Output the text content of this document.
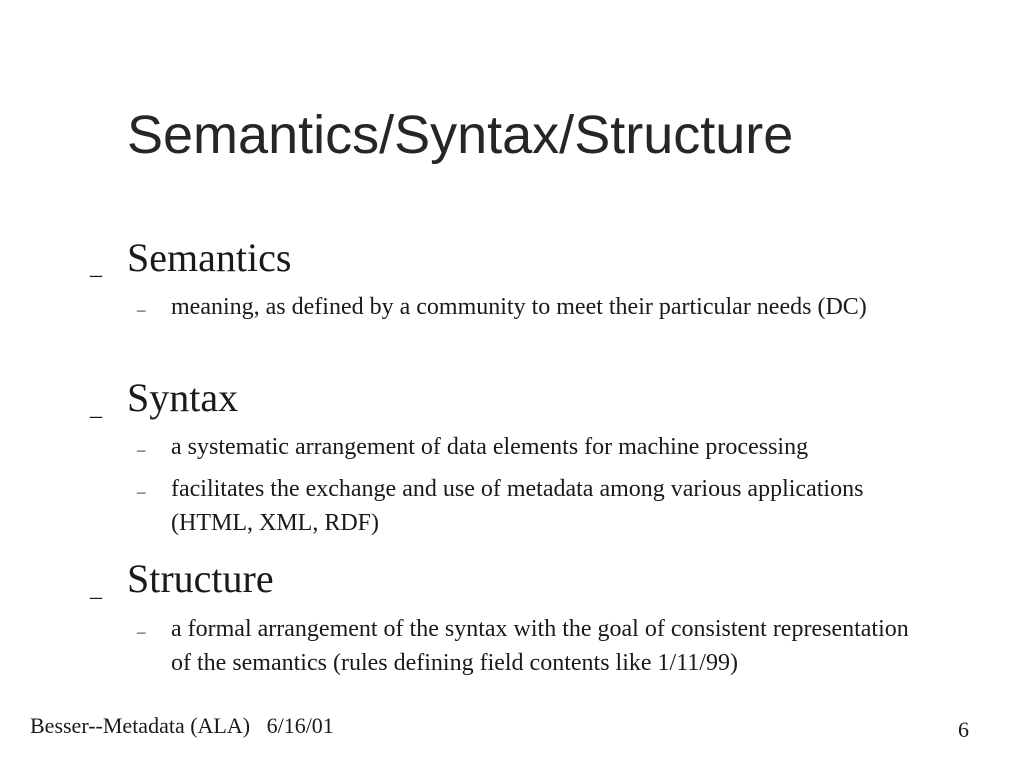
Semantics/Syntax/Structure
_ Semantics
– meaning, as defined by a community to meet their particular needs (DC)
_ Syntax
– a systematic arrangement of data elements for machine processing
– facilitates the exchange and use of metadata among various applications (HTML, XML, RDF)
_ Structure
– a formal arrangement of the syntax with the goal of consistent representation of the semantics (rules defining field contents like 1/11/99)
Besser--Metadata (ALA)   6/16/01	6
